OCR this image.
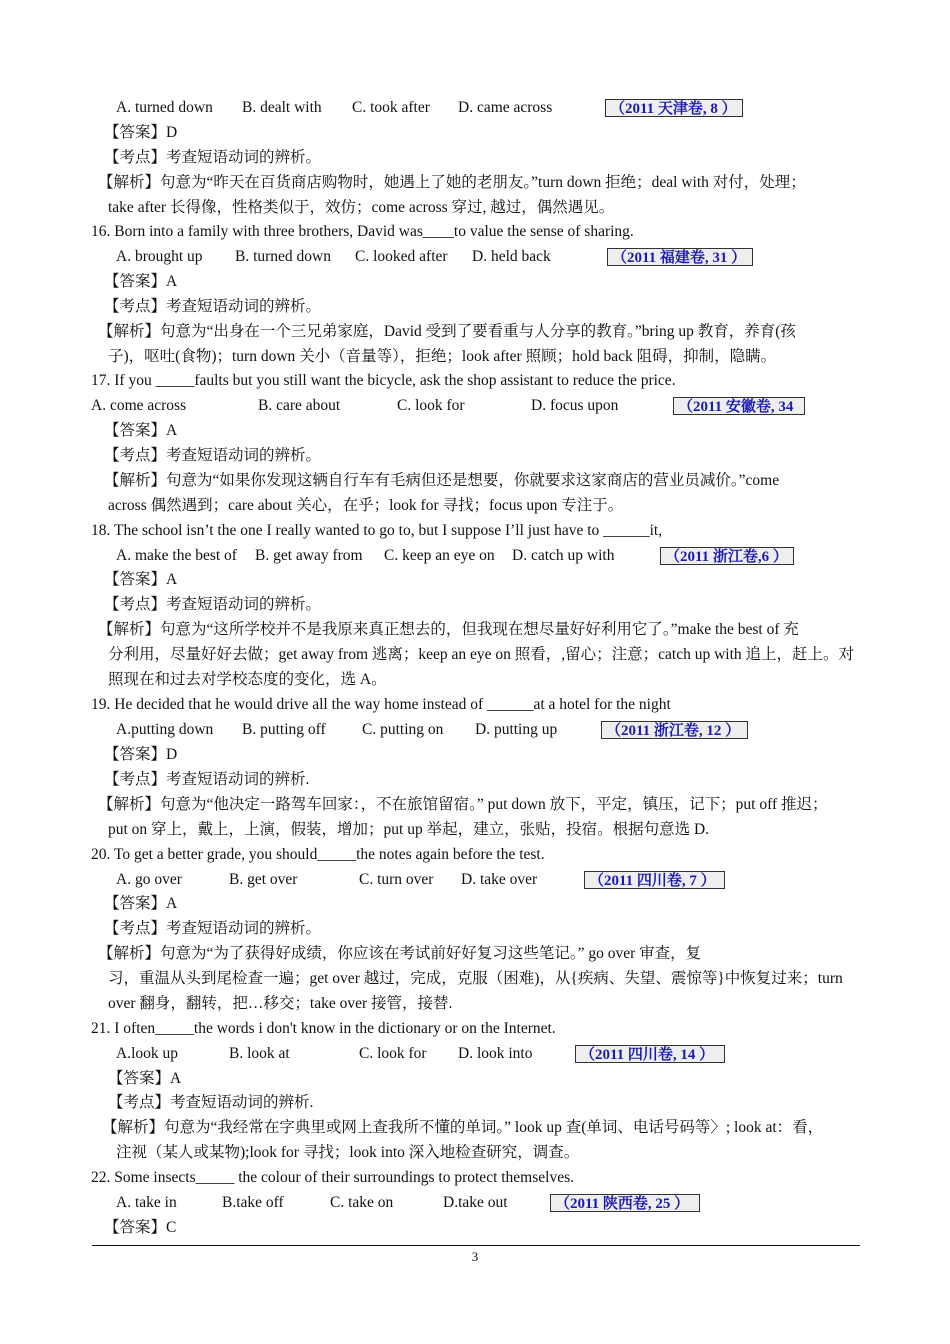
A. turned down B. dealt with C. took after D. came across	（2011 天津卷, 8 ）
【答案】D
【考点】考查短语动词的辨析。
【解析】句意为“昨天在百货商店购物时，她遇上了她的老朋友。”turn down 拒绝；deal with 对付，处理；
take after 长得像，性格类似于，效仿；come across 穿过, 越过，偶然遇见。
16. Born into a family with three brothers, David was____to value the sense of sharing.
A. brought up B. turned down C. looked after D. held back	（2011 福建卷, 31 ）
【答案】A
【考点】考查短语动词的辨析。
【解析】句意为“出身在一个三兄弟家庭，David 受到了要看重与人分享的教育。”bring up 教育，养育(孩
子)，呕吐(食物)；turn down 关小（音量等），拒绝；look after 照顾；hold back 阻碍，抑制，隐瞒。
17. If you _____faults but you still want the bicycle, ask the shop assistant to reduce the price.
A. come across	B. care about	C. look for	D. focus upon	（2011 安徽卷, 34
【答案】A
【考点】考查短语动词的辨析。
【解析】句意为“如果你发现这辆自行车有毛病但还是想要，你就要求这家商店的营业员减价。”come
across 偶然遇到；care about 关心，在乎；look for 寻找；focus upon 专注于。
18. The school isn’t the one I really wanted to go to, but I suppose I’ll just have to ______it,
A. make the best of B. get away from C. keep an eye on D. catch up with	（2011 浙江卷,6 ）
【答案】A
【考点】考查短语动词的辨析。
【解析】句意为“这所学校并不是我原来真正想去的，但我现在想尽量好好利用它了。”make the best of 充
分利用，尽量好好去做；get away from 逃离；keep an eye on 照看，,留心；注意；catch up with 追上，赶上。对
照现在和过去对学校态度的变化，选 A。
19. He decided that he would drive all the way home instead of ______at a hotel for the night
A.putting down B. putting off C. putting on D. putting up	（2011 浙江卷, 12 ）
【答案】D
【考点】考查短语动词的辨析.
【解析】句意为“他决定一路驾车回家：，不在旅馆留宿。” put down 放下，平定，镇压，记下；put off 推迟；
put on 穿上，戴上，上演，假装，增加；put up 举起，建立，张贴，投宿。根据句意选 D.
20. To get a better grade, you should_____the notes again before the test.
A. go over	B. get over	C. turn over D. take over	（2011 四川卷, 7 ）
【答案】A
【考点】考查短语动词的辨析。
【解析】句意为“为了获得好成绩，你应该在考试前好好复习这些笔记。” go over 审查，复
习，重温从头到尾检查一遍；get over 越过，完成，克服（困难)，从{疾病、失望、震惊等}中恢复过来；turn
over 翻身，翻转，把…移交；take over 接管，接替.
21. I often_____the words i don't know in the dictionary or on the Internet.
A.look up	B. look at	C. look for D. look into	（2011 四川卷, 14 ）
【答案】A
【考点】考查短语动词的辨析.
【解析】句意为“我经常在字典里或网上查我所不懂的单词。” look up 查(单词、电话号码等〉; look at：看，
注视（某人或某物);look for 寻找；look into 深入地检查研究，调查。
22. Some insects_____ the colour of their surroundings to protect themselves.
A. take in	B.take off	C. take on	D.take out	（2011 陕西卷, 25 ）
【答案】C
3
